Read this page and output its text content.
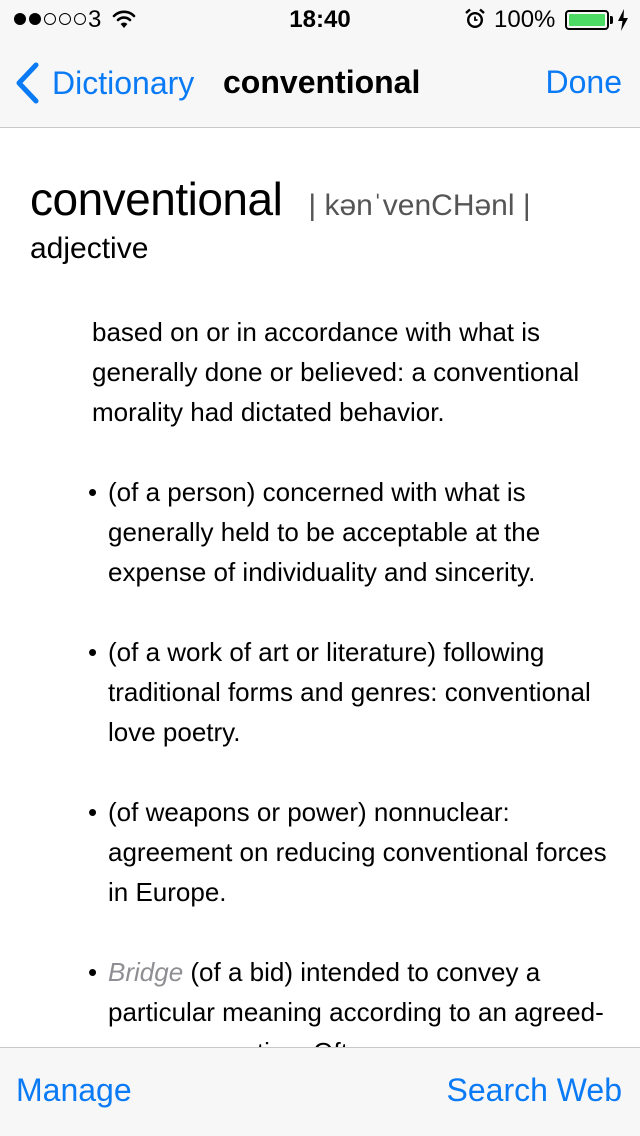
3	18:40	100%
Dictionary conventional	Done
conventional | kənˈvenCHənl |
adjective
based on or in accordance with what is generally done or believed: a conventional morality had dictated behavior.
• (of a person) concerned with what is generally held to be acceptable at the expense of individuality and sincerity.
• (of a work of art or literature) following traditional forms and genres: conventional love poetry.
• (of weapons or power) nonnuclear: agreement on reducing conventional forces in Europe.
• Bridge (of a bid) intended to convey a particular meaning according to an agreed-
Manage	Search Web
